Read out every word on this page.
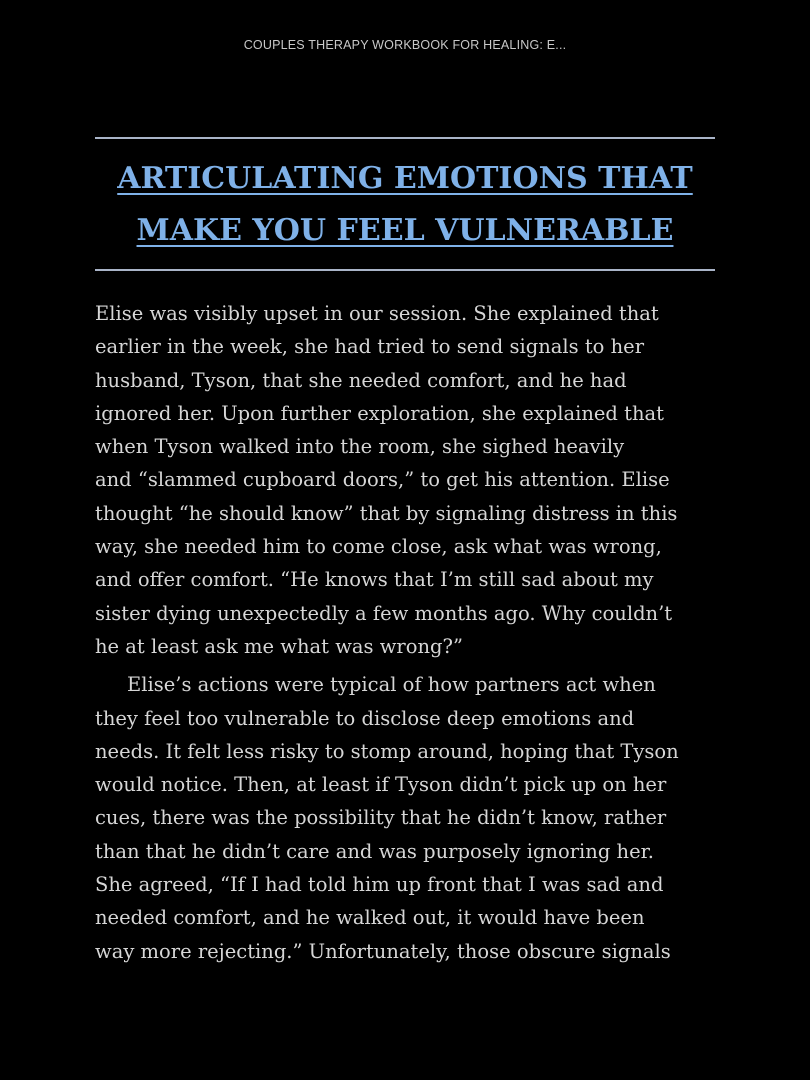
COUPLES THERAPY WORKBOOK FOR HEALING: E...
ARTICULATING EMOTIONS THAT
MAKE YOU FEEL VULNERABLE

Elise was visibly upset in our session. She explained that
earlier in the week, she had tried to send signals to her
husband, Tyson, that she needed comfort, and he had
ignored her. Upon further exploration, she explained that
when Tyson walked into the room, she sighed heavily
and “slammed cupboard doors,” to get his attention. Elise
thought “he should know” that by signaling distress in this
way, she needed him to come close, ask what was wrong,
and offer comfort. “He knows that I’m still sad about my
sister dying unexpectedly a few months ago. Why couldn’t
he at least ask me what was wrong?”

Elise’s actions were typical of how partners act when
they feel too vulnerable to disclose deep emotions and
needs. It felt less risky to stomp around, hoping that Tyson
would notice. Then, at least if Tyson didn’t pick up on her
cues, there was the possibility that he didn’t know, rather
than that he didn’t care and was purposely ignoring her.
She agreed, “If I had told him up front that I was sad and
needed comfort, and he walked out, it would have been
way more rejecting.” Unfortunately, those obscure signals
